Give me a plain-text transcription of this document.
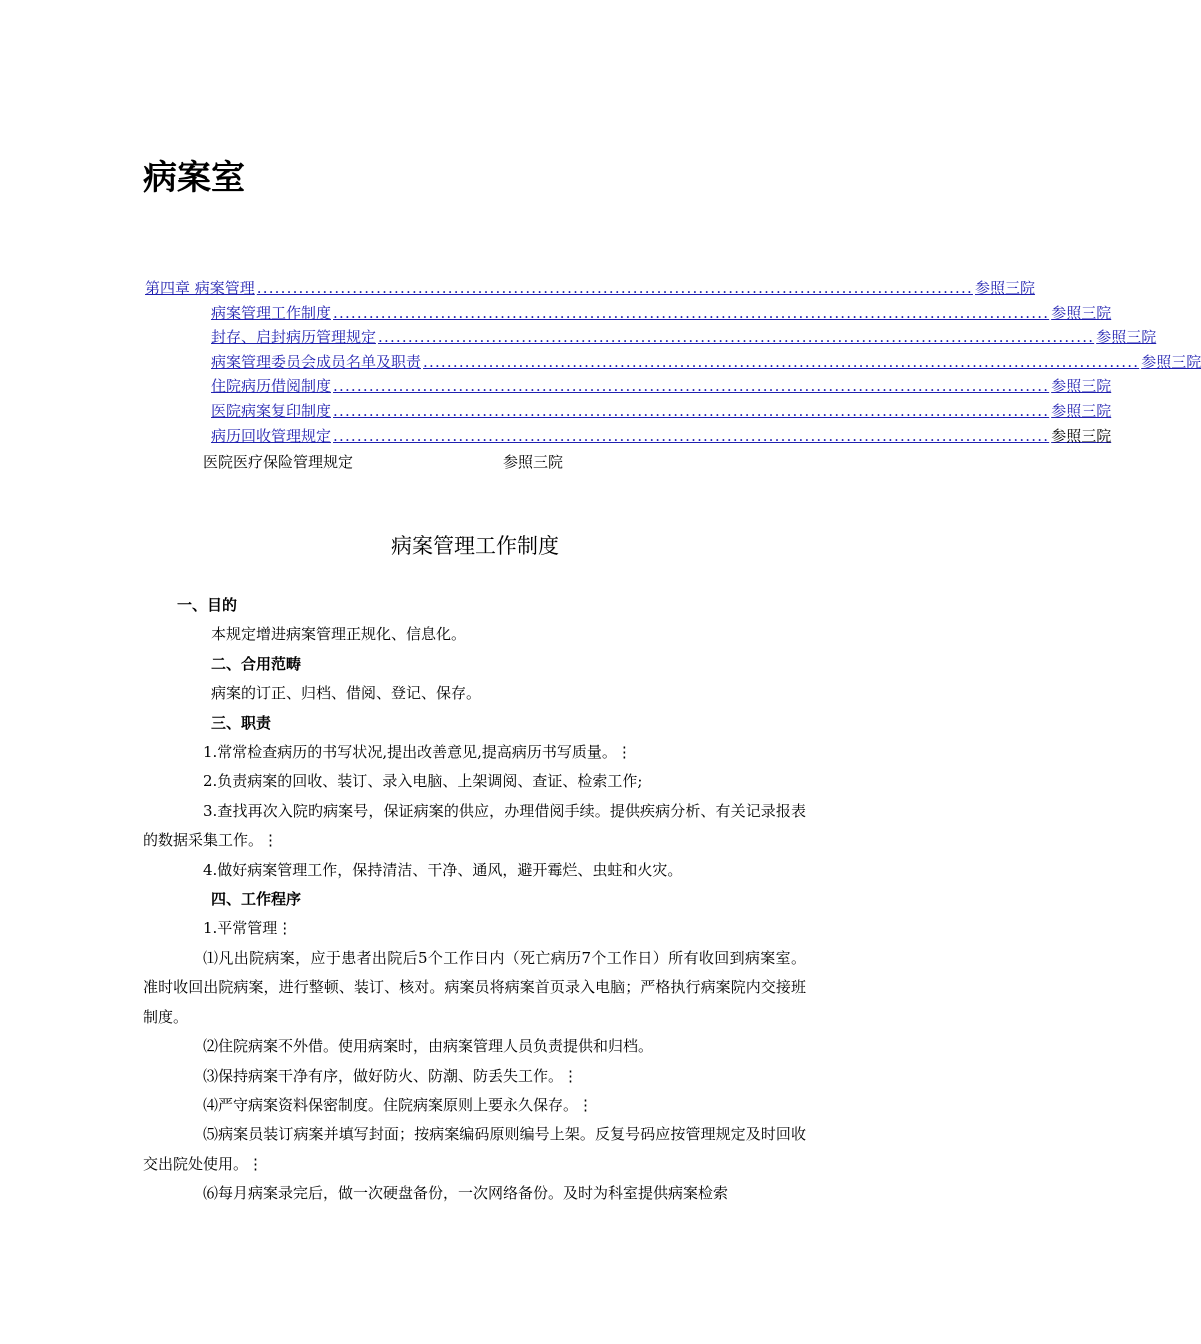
病案室
第四章 病案管理 ........................................................................................................................ 参照三院
病案管理工作制度 ........................................................................................................................ 参照三院
封存、启封病历管理规定 ........................................................................................................................ 参照三院
病案管理委员会成员名单及职责 ........................................................................................................................ 参照三院
住院病历借阅制度 ........................................................................................................................ 参照三院
医院病案复印制度 ........................................................................................................................ 参照三院
病历回收管理规定 ........................................................................................................................ 参照三院
医院医疗保险管理规定	参照三院
病案管理工作制度

一、目的

本规定增进病案管理正规化、信息化。

二、合用范畴

病案的订正、归档、借阅、登记、保存。

三、职责

1.常常检查病历的书写状况,提出改善意见,提高病历书写质量。⋮

2.负责病案的回收、装订、录入电脑、上架调阅、查证、检索工作;

3.查找再次入院旳病案号，保证病案的供应，办理借阅手续。提供疾病分析、有关记录报表的数据采集工作。⋮

4.做好病案管理工作，保持清洁、干净、通风，避开霉烂、虫蛀和火灾。

四、工作程序

1.平常管理⋮

⑴凡出院病案，应于患者出院后5个工作日内（死亡病历7个工作日）所有收回到病案室。准时收回出院病案，进行整顿、装订、核对。病案员将病案首页录入电脑；严格执行病案院内交接班制度。

⑵住院病案不外借。使用病案时，由病案管理人员负责提供和归档。

⑶保持病案干净有序，做好防火、防潮、防丢失工作。⋮

⑷严守病案资料保密制度。住院病案原则上要永久保存。⋮

⑸病案员装订病案并填写封面；按病案编码原则编号上架。反复号码应按管理规定及时回收交出院处使用。⋮

⑹每月病案录完后，做一次硬盘备份，一次网络备份。及时为科室提供病案检索
